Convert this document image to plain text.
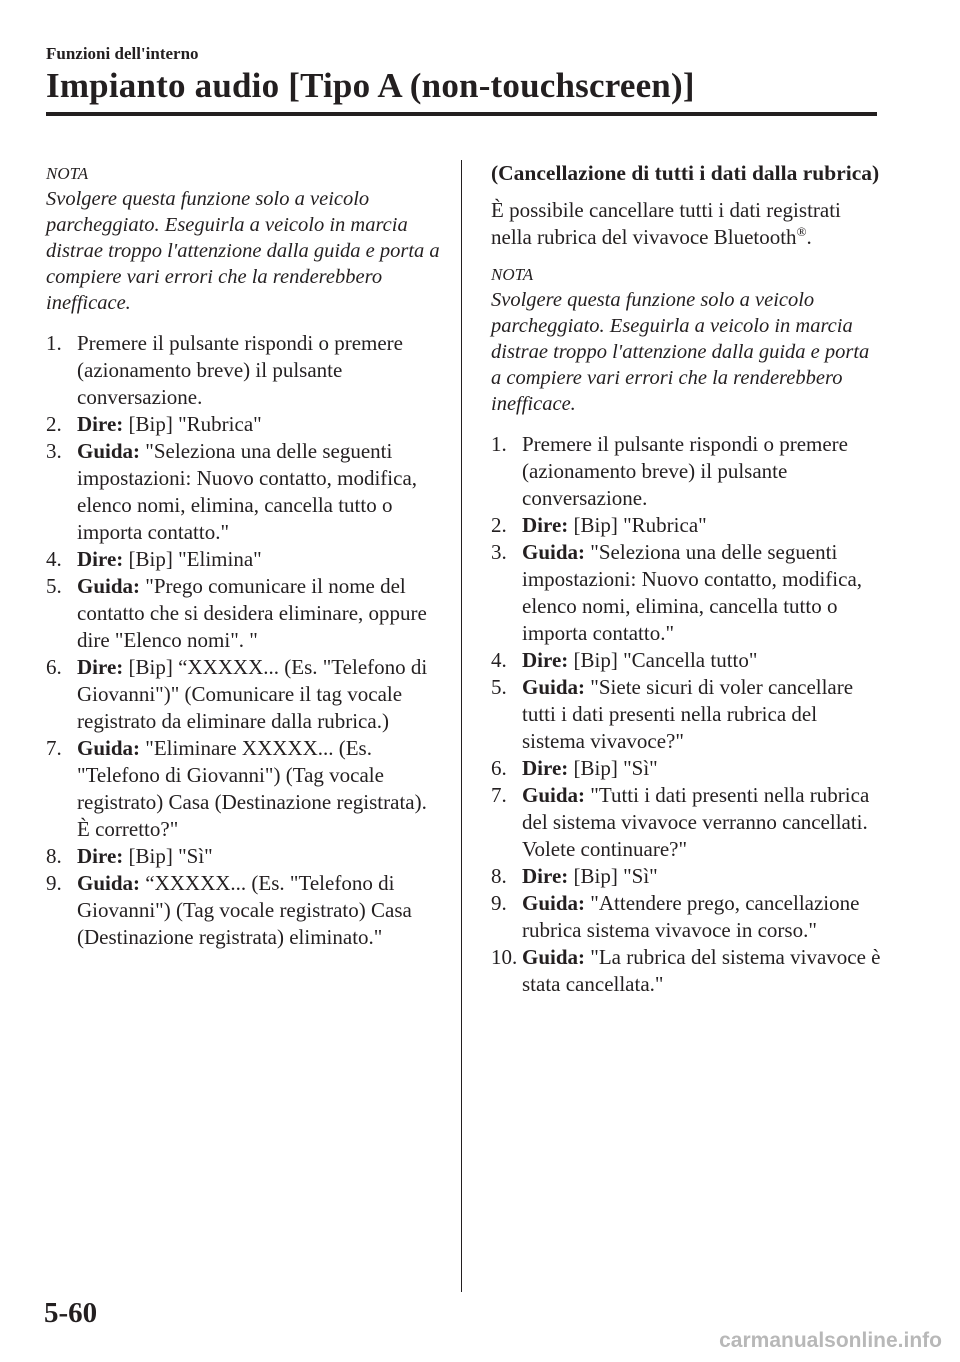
Funzioni dell'interno
Impianto audio [Tipo A (non-touchscreen)]
NOTA
Svolgere questa funzione solo a veicolo parcheggiato. Eseguirla a veicolo in marcia distrae troppo l'attenzione dalla guida e porta a compiere vari errori che la renderebbero inefficace.
1. Premere il pulsante rispondi o premere (azionamento breve) il pulsante conversazione.
2. Dire: [Bip] "Rubrica"
3. Guida: "Seleziona una delle seguenti impostazioni: Nuovo contatto, modifica, elenco nomi, elimina, cancella tutto o importa contatto."
4. Dire: [Bip] "Elimina"
5. Guida: "Prego comunicare il nome del contatto che si desidera eliminare, oppure dire "Elenco nomi". "
6. Dire: [Bip] “XXXXX... (Es. "Telefono di Giovanni")" (Comunicare il tag vocale registrato da eliminare dalla rubrica.)
7. Guida: "Eliminare XXXXX... (Es. "Telefono di Giovanni") (Tag vocale registrato) Casa (Destinazione registrata). È corretto?"
8. Dire: [Bip] "Sì"
9. Guida: “XXXXX... (Es. "Telefono di Giovanni") (Tag vocale registrato) Casa (Destinazione registrata) eliminato."
(Cancellazione di tutti i dati dalla rubrica)

È possibile cancellare tutti i dati registrati nella rubrica del vivavoce Bluetooth®.

NOTA
Svolgere questa funzione solo a veicolo parcheggiato. Eseguirla a veicolo in marcia distrae troppo l'attenzione dalla guida e porta a compiere vari errori che la renderebbero inefficace.
1. Premere il pulsante rispondi o premere (azionamento breve) il pulsante conversazione.
2. Dire: [Bip] "Rubrica"
3. Guida: "Seleziona una delle seguenti impostazioni: Nuovo contatto, modifica, elenco nomi, elimina, cancella tutto o importa contatto."
4. Dire: [Bip] "Cancella tutto"
5. Guida: "Siete sicuri di voler cancellare tutti i dati presenti nella rubrica del sistema vivavoce?"
6. Dire: [Bip] "Sì"
7. Guida: "Tutti i dati presenti nella rubrica del sistema vivavoce verranno cancellati. Volete continuare?"
8. Dire: [Bip] "Sì"
9. Guida: "Attendere prego, cancellazione rubrica sistema vivavoce in corso."
10. Guida: "La rubrica del sistema vivavoce è stata cancellata."
5-60
carmanualsonline.info
